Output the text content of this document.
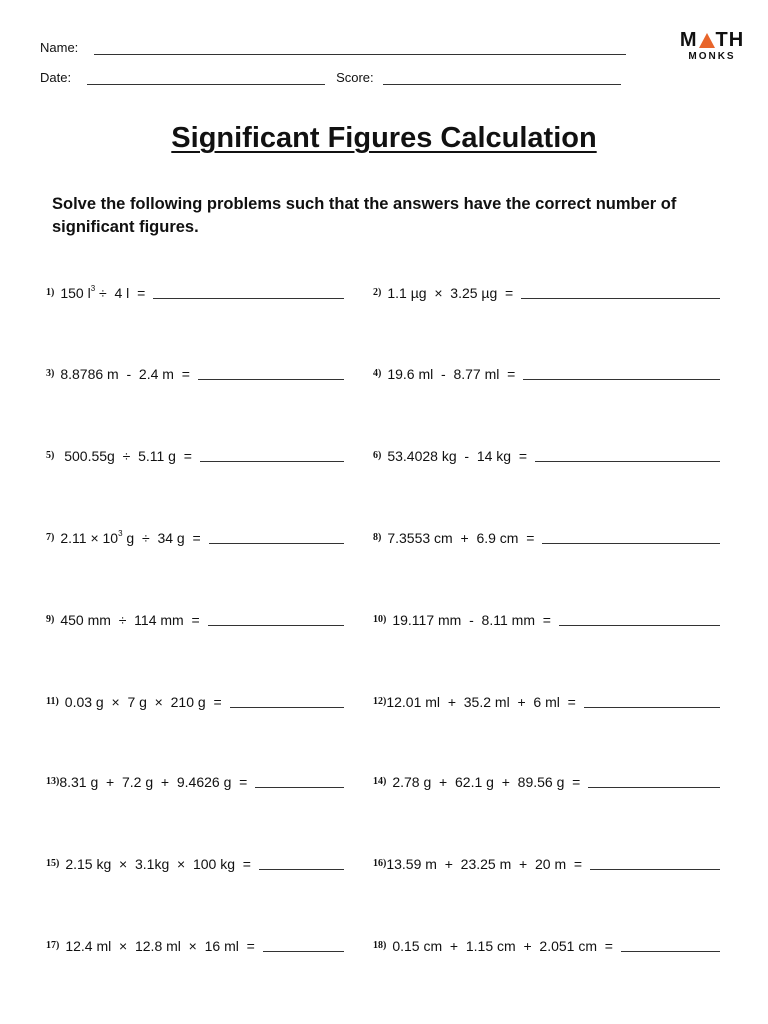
Name:
Date:	Score:
M TH
MONKS
Significant Figures Calculation
Solve the following problems such that the answers have the correct number of significant figures.
1) 150 $l^3 \div 4$ l  =	2) 1.1 µg  ×  3.25 µg  =
3) 8.8786 m  -  2.4 m  =	4) 19.6 ml  -  8.77 ml  =
5) 500.55g  ÷  5.11 g  =	6) 53.4028 kg  -  14 kg  =
7) $2.11 \times 10^3$ g  ÷  34 g  =	8) 7.3553 cm  +  6.9 cm  =
9) 450 mm  ÷  114 mm  =	10) 19.117 mm  -  8.11 mm  =
11) 0.03 g  ×  7 g  ×  210 g  =	12) 12.01 ml  +  35.2 ml  +  6 ml  =
13) 8.31 g  +  7.2 g  +  9.4626 g  =	14) 2.78 g  +  62.1 g  +  89.56 g  =
15) 2.15 kg  ×  3.1kg  ×  100 kg  =	16) 13.59 m  +  23.25 m  +  20 m  =
17) 12.4 ml  ×  12.8 ml  ×  16 ml  =	18) 0.15 cm  +  1.15 cm  +  2.051 cm  =
